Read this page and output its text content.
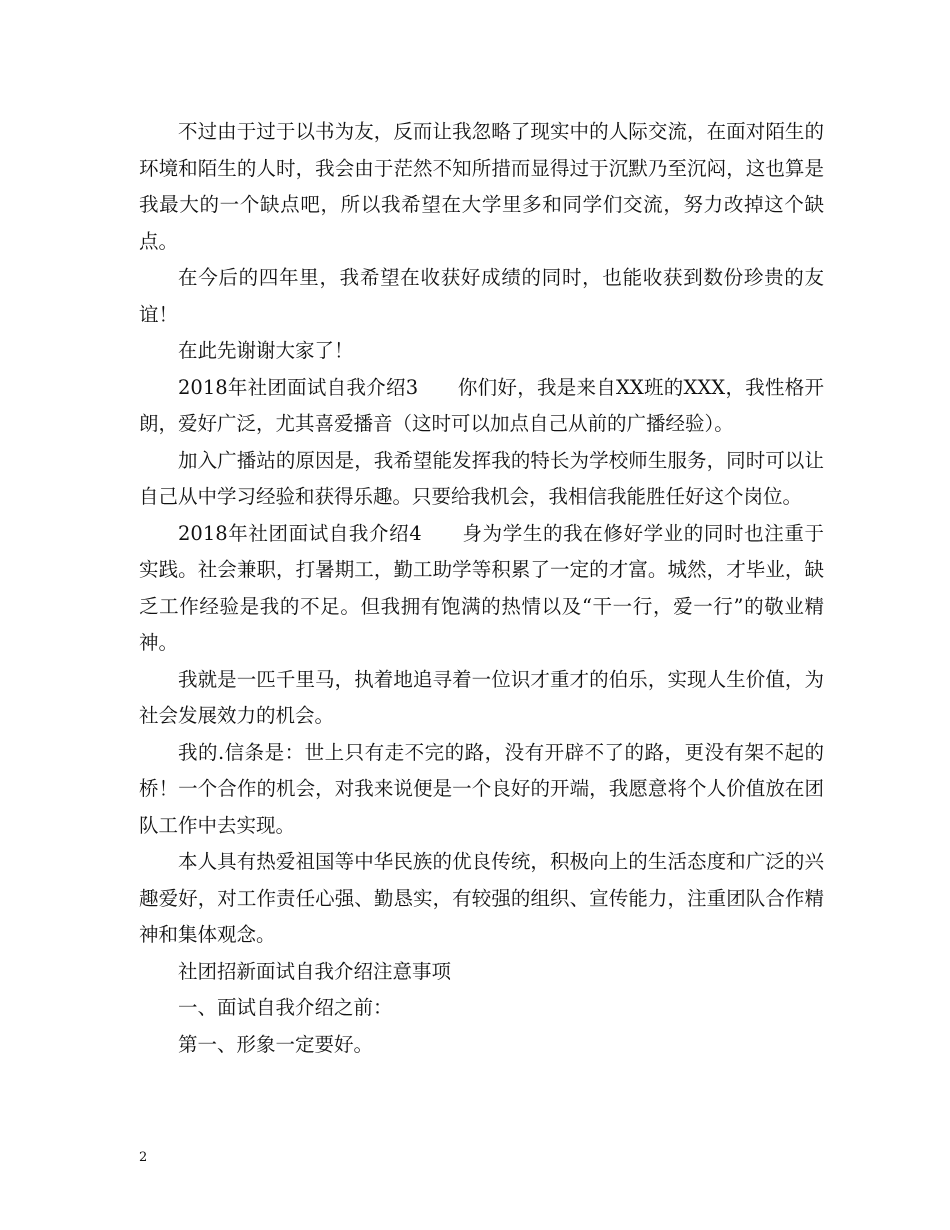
不过由于过于以书为友，反而让我忽略了现实中的人际交流，在面对陌生的环境和陌生的人时，我会由于茫然不知所措而显得过于沉默乃至沉闷，这也算是我最大的一个缺点吧，所以我希望在大学里多和同学们交流，努力改掉这个缺点。

在今后的四年里，我希望在收获好成绩的同时，也能收获到数份珍贵的友谊！

在此先谢谢大家了！

2018年社团面试自我介绍3　　你们好，我是来自XX班的XXX，我性格开朗，爱好广泛，尤其喜爱播音（这时可以加点自己从前的广播经验）。

加入广播站的原因是，我希望能发挥我的特长为学校师生服务，同时可以让自己从中学习经验和获得乐趣。只要给我机会，我相信我能胜任好这个岗位。

2018年社团面试自我介绍4　　身为学生的我在修好学业的同时也注重于实践。社会兼职，打暑期工，勤工助学等积累了一定的才富。城然，才毕业，缺乏工作经验是我的不足。但我拥有饱满的热情以及“干一行，爱一行”的敬业精神。

我就是一匹千里马，执着地追寻着一位识才重才的伯乐，实现人生价值，为社会发展效力的机会。

我的.信条是：世上只有走不完的路，没有开辟不了的路，更没有架不起的桥！一个合作的机会，对我来说便是一个良好的开端，我愿意将个人价值放在团队工作中去实现。

本人具有热爱祖国等中华民族的优良传统，积极向上的生活态度和广泛的兴趣爱好，对工作责任心强、勤恳实，有较强的组织、宣传能力，注重团队合作精神和集体观念。

社团招新面试自我介绍注意事项

一、面试自我介绍之前：

第一、形象一定要好。

2
